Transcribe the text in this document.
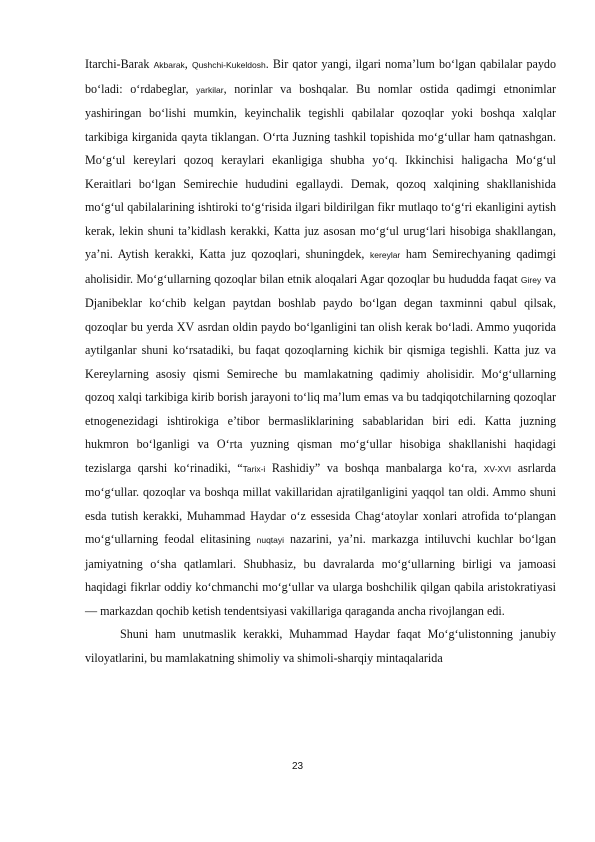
Itarchi-Barak Akbarak, Qushchi-Kukeldosh. Bir qator yangi, ilgari noma’lum bo‘lgan qabilalar paydo bo‘ladi: o‘rdabeglar, yarkilar, norinlar va boshqalar. Bu nomlar ostida qadimgi etnonimlar yashiringan bo‘lishi mumkin, keyinchalik tegishli qabilalar qozoqlar yoki boshqa xalqlar tarkibiga kirganida qayta tiklangan. O‘rta Juzning tashkil topishida mo‘g‘ullar ham qatnashgan. Mo‘g‘ul kereylari qozoq keraylari ekanligiga shubha yo‘q. Ikkinchisi haligacha Mo‘g‘ul Keraitlari bo‘lgan Semirechie hududini egallaydi. Demak, qozoq xalqining shakllanishida mo‘g‘ul qabilalarining ishtiroki to‘g‘risida ilgari bildirilgan fikr mutlaqo to‘g‘ri ekanligini aytish kerak, lekin shuni ta’kidlash kerakki, Katta juz asosan mo‘g‘ul urug‘lari hisobiga shakllangan, ya’ni. Aytish kerakki, Katta juz qozoqlari, shuningdek, kereylar ham Semirechyaning qadimgi aholisidir. Mo‘g‘ullarning qozoqlar bilan etnik aloqalari Agar qozoqlar bu hududda faqat Girey va Djanibeklar ko‘chib kelgan paytdan boshlab paydo bo‘lgan degan taxminni qabul qilsak, qozoqlar bu yerda XV asrdan oldin paydo bo‘lganligini tan olish kerak bo‘ladi. Ammo yuqorida aytilganlar shuni ko‘rsatadiki, bu faqat qozoqlarning kichik bir qismiga tegishli. Katta juz va Kereylarning asosiy qismi Semireche bu mamlakatning qadimiy aholisidir. Mo‘g‘ullarning qozoq xalqi tarkibiga kirib borish jarayoni to‘liq ma’lum emas va bu tadqiqotchilarning qozoqlar etnogenezidagi ishtirokiga e’tibor bermasliklarining sabablaridan biri edi. Katta juzning hukmron bo‘lganligi va O‘rta yuzning qisman mo‘g‘ullar hisobiga shakllanishi haqidagi tezislarga qarshi ko‘rinadiki, “Tarix-i Rashidiy” va boshqa manbalarga ko‘ra, XV-XVI asrlarda mo‘g‘ullar. qozoqlar va boshqa millat vakillaridan ajratilganligini yaqqol tan oldi. Ammo shuni esda tutish kerakki, Muhammad Haydar o‘z essesida Chag‘atoylar xonlari atrofida to‘plangan mo‘g‘ullarning feodal elitasining nuqtayi nazarini, ya’ni. markazga intiluvchi kuchlar bo‘lgan jamiyatning o‘sha qatlamlari. Shubhasiz, bu davralarda mo‘g‘ullarning birligi va jamoasi haqidagi fikrlar oddiy ko‘chmanchi mo‘g‘ullar va ularga boshchilik qilgan qabila aristokratiyasi — markazdan qochib ketish tendentsiyasi vakillariga qaraganda ancha rivojlangan edi.

Shuni ham unutmaslik kerakki, Muhammad Haydar faqat Mo‘g‘ulistonning janubiy viloyatlarini, bu mamlakatning shimoliy va shimoli-sharqiy mintaqalarida

23
